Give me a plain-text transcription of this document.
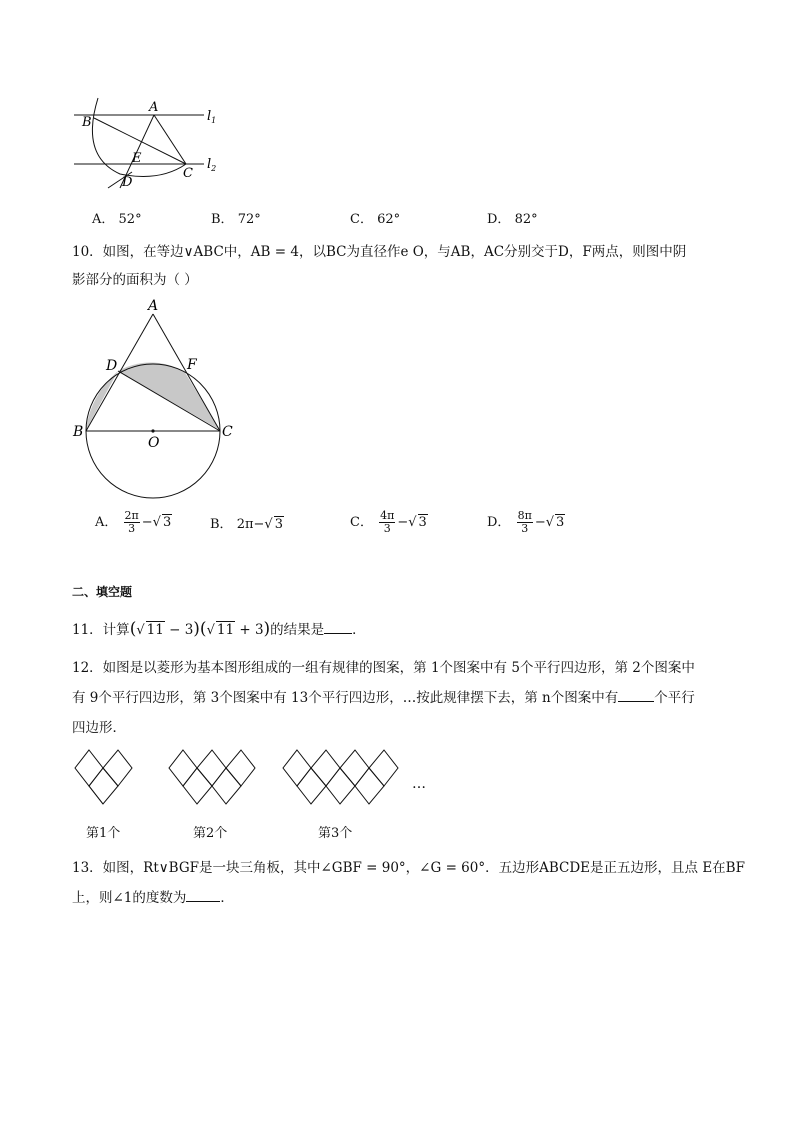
A
B
E
C
D
$l_1$
$l_2$
A． 52°	B． 72°	C． 62°	D． 82°
10．如图，在等边∨ABC中，AB = 4，以BC为直径作e O，与AB，AC分别交于D，F两点，则图中阴
影部分的面积为（ ）
A
D	F
B	C
O
A． $\frac{2\pi}{3}$ −√ 3	B． 2π−√ 3	C． $\frac{4\pi}{3}$ −√ 3	D． $\frac{8\pi}{3}$ −√ 3
二、填空题
11．计算(√ 11 − 3)(√ 11 + 3)的结果是 ．
12．如图是以菱形为基本图形组成的一组有规律的图案，第 1个图案中有 5个平行四边形，第 2个图案中
有 9个平行四边形，第 3个图案中有 13个平行四边形，…按此规律摆下去，第 n个图案中有	个平行
四边形．
…
第1个	第2个	第3个
13．如图，Rt∨BGF是一块三角板，其中∠GBF = 90°，∠G = 60°．五边形ABCDE是正五边形，且点 E在BF
上，则∠1的度数为	．
